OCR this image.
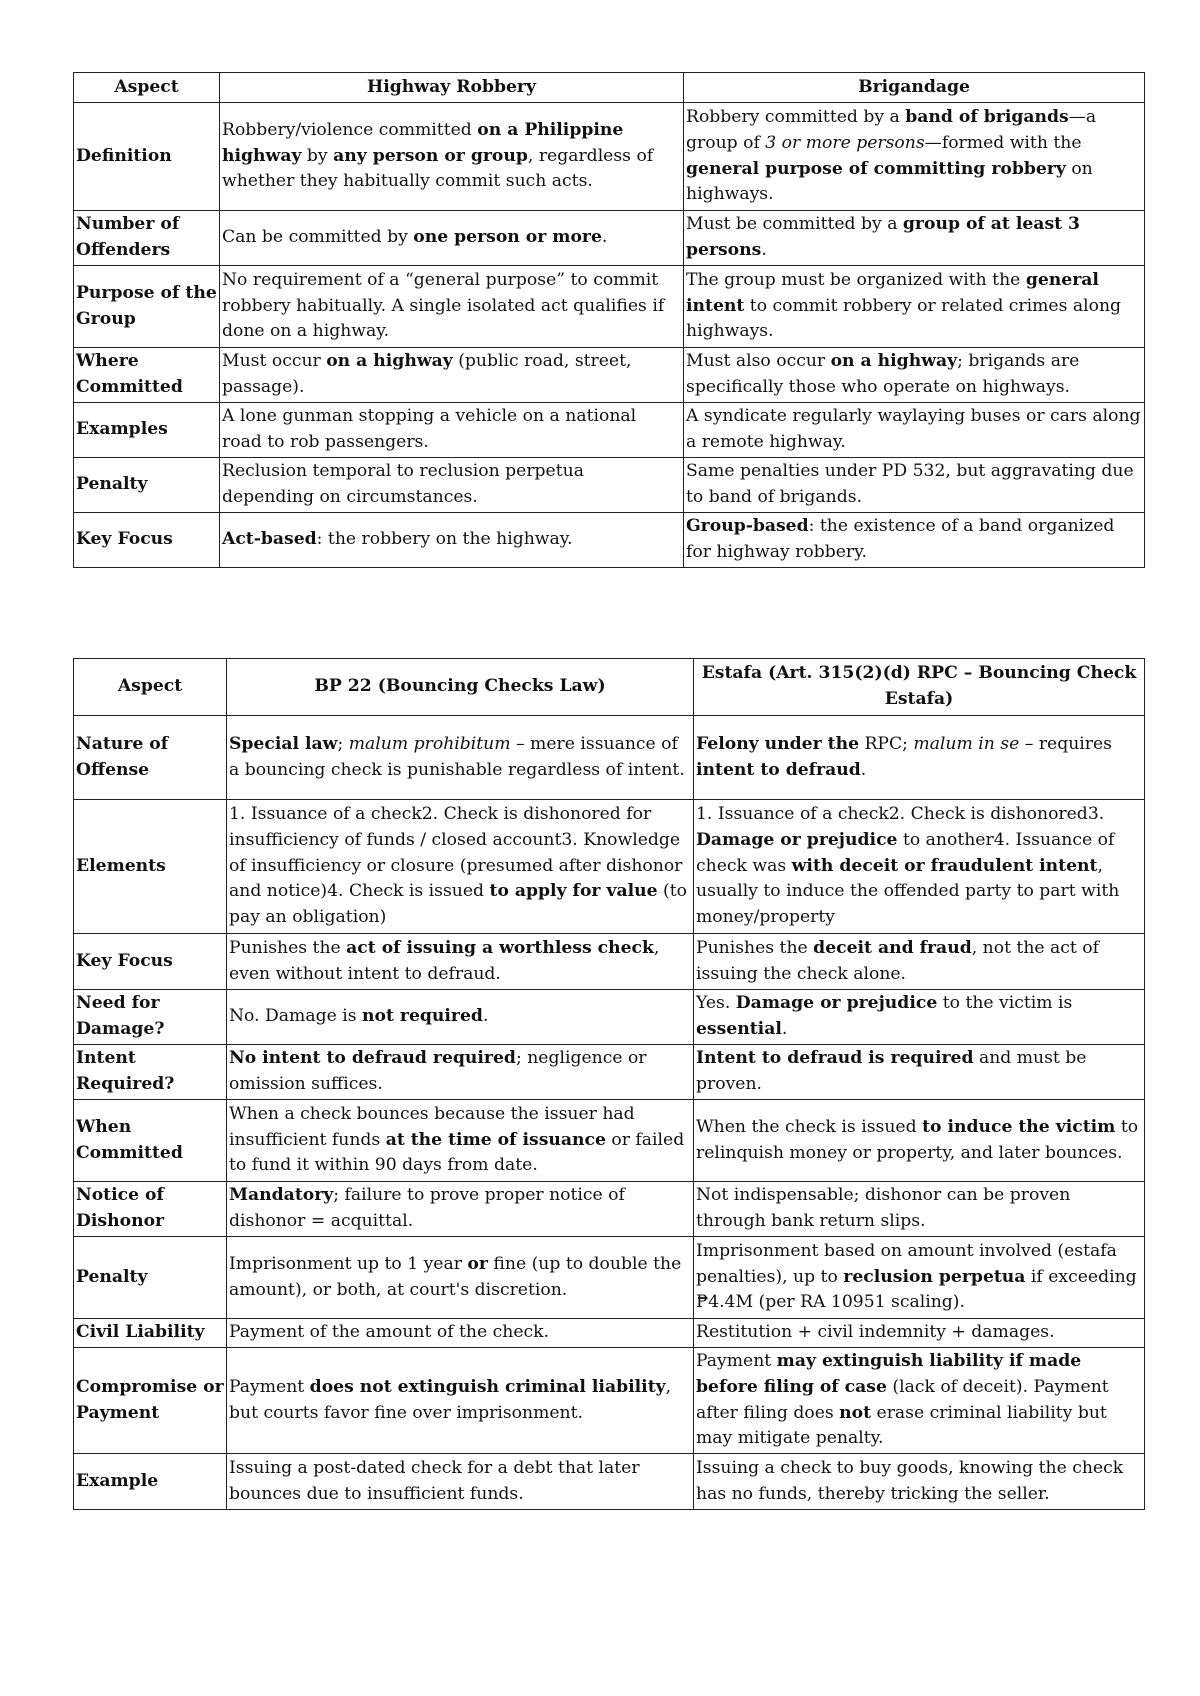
Aspect	Highway Robbery	Brigandage
Definition	Robbery/violence committed on a Philippine highway by any person or group, regardless of whether they habitually commit such acts.	Robbery committed by a band of brigands—a group of 3 or more persons—formed with the general purpose of committing robbery on highways.
Number of Offenders	Can be committed by one person or more.	Must be committed by a group of at least 3 persons.
Purpose of the Group	No requirement of a “general purpose” to commit robbery habitually. A single isolated act qualifies if done on a highway.	The group must be organized with the general intent to commit robbery or related crimes along highways.
Where Committed	Must occur on a highway (public road, street, passage).	Must also occur on a highway; brigands are specifically those who operate on highways.
Examples	A lone gunman stopping a vehicle on a national road to rob passengers.	A syndicate regularly waylaying buses or cars along a remote highway.
Penalty	Reclusion temporal to reclusion perpetua depending on circumstances.	Same penalties under PD 532, but aggravating due to band of brigands.
Key Focus	Act-based: the robbery on the highway.	Group-based: the existence of a band organized for highway robbery.
Aspect	BP 22 (Bouncing Checks Law)	Estafa (Art. 315(2)(d) RPC – Bouncing Check Estafa)
Nature of Offense	Special law; malum prohibitum – mere issuance of a bouncing check is punishable regardless of intent.	Felony under the RPC; malum in se – requires intent to defraud.
Elements	1. Issuance of a check2. Check is dishonored for insufficiency of funds / closed account3. Knowledge of insufficiency or closure (presumed after dishonor and notice)4. Check is issued to apply for value (to pay an obligation)	1. Issuance of a check2. Check is dishonored3. Damage or prejudice to another4. Issuance of check was with deceit or fraudulent intent, usually to induce the offended party to part with money/property
Key Focus	Punishes the act of issuing a worthless check, even without intent to defraud.	Punishes the deceit and fraud, not the act of issuing the check alone.
Need for Damage?	No. Damage is not required.	Yes. Damage or prejudice to the victim is essential.
Intent Required?	No intent to defraud required; negligence or omission suffices.	Intent to defraud is required and must be proven.
When Committed	When a check bounces because the issuer had insufficient funds at the time of issuance or failed to fund it within 90 days from date.	When the check is issued to induce the victim to relinquish money or property, and later bounces.
Notice of Dishonor	Mandatory; failure to prove proper notice of dishonor = acquittal.	Not indispensable; dishonor can be proven through bank return slips.
Penalty	Imprisonment up to 1 year or fine (up to double the amount), or both, at court's discretion.	Imprisonment based on amount involved (estafa penalties), up to reclusion perpetua if exceeding ₱4.4M (per RA 10951 scaling).
Civil Liability	Payment of the amount of the check.	Restitution + civil indemnity + damages.
Compromise or Payment	Payment does not extinguish criminal liability, but courts favor fine over imprisonment.	Payment may extinguish liability if made before filing of case (lack of deceit). Payment after filing does not erase criminal liability but may mitigate penalty.
Example	Issuing a post-dated check for a debt that later bounces due to insufficient funds.	Issuing a check to buy goods, knowing the check has no funds, thereby tricking the seller.
